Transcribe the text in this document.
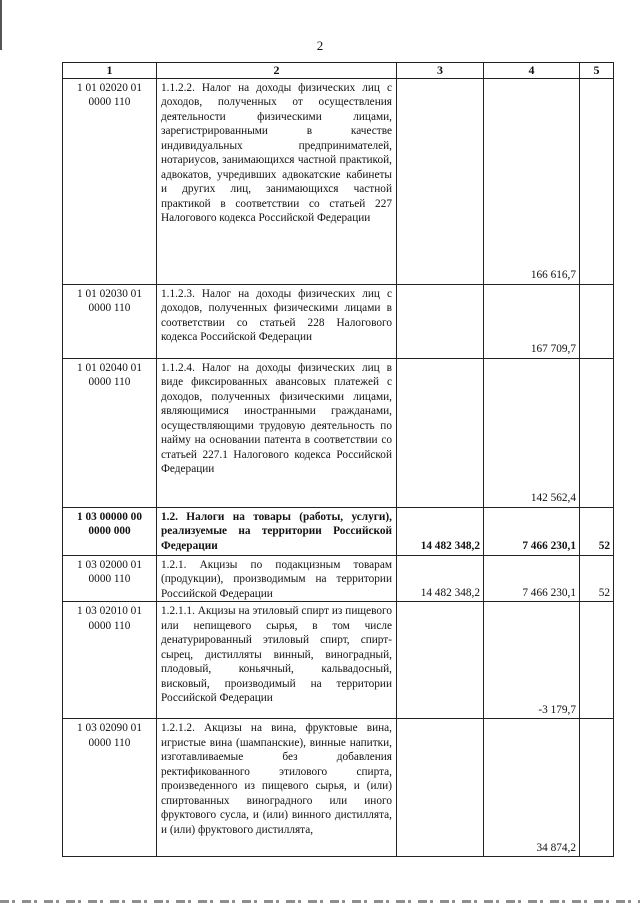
2
1	2	3	4	5
1 01 02020 01 0000 110	1.1.2.2. Налог на доходы физических лиц с доходов, полученных от осуществления деятельности физическими лицами, зарегистрированными в качестве индивидуальных предпринимателей, нотариусов, занимающихся частной практикой, адвокатов, учредивших адвокатские кабинеты и других лиц, занимающихся частной практикой в соответствии со статьей 227 Налогового кодекса Российской Федерации		166 616,7	
1 01 02030 01 0000 110	1.1.2.3. Налог на доходы физических лиц с доходов, полученных физическими лицами в соответствии со статьей 228 Налогового кодекса Российской Федерации		167 709,7	
1 01 02040 01 0000 110	1.1.2.4. Налог на доходы физических лиц в виде фиксированных авансовых платежей с доходов, полученных физическими лицами, являющимися иностранными гражданами, осуществляющими трудовую деятельность по найму на основании патента в соответствии со статьей 227.1 Налогового кодекса Российской Федерации		142 562,4	
1 03 00000 00 0000 000	1.2. Налоги на товары (работы, услуги), реализуемые на территории Российской Федерации	14 482 348,2	7 466 230,1	52
1 03 02000 01 0000 110	1.2.1. Акцизы по подакцизным товарам (продукции), производимым на территории Российской Федерации	14 482 348,2	7 466 230,1	52
1 03 02010 01 0000 110	1.2.1.1. Акцизы на этиловый спирт из пищевого или непищевого сырья, в том числе денатурированный этиловый спирт, спирт-сырец, дистилляты винный, виноградный, плодовый, коньячный, кальвадосный, висковый, производимый на территории Российской Федерации		-3 179,7	
1 03 02090 01 0000 110	1.2.1.2. Акцизы на вина, фруктовые вина, игристые вина (шампанские), винные напитки, изготавливаемые без добавления ректификованного этилового спирта, произведенного из пищевого сырья, и (или) спиртованных виноградного или иного фруктового сусла, и (или) винного дистиллята, и (или) фруктового дистиллята,		34 874,2	
